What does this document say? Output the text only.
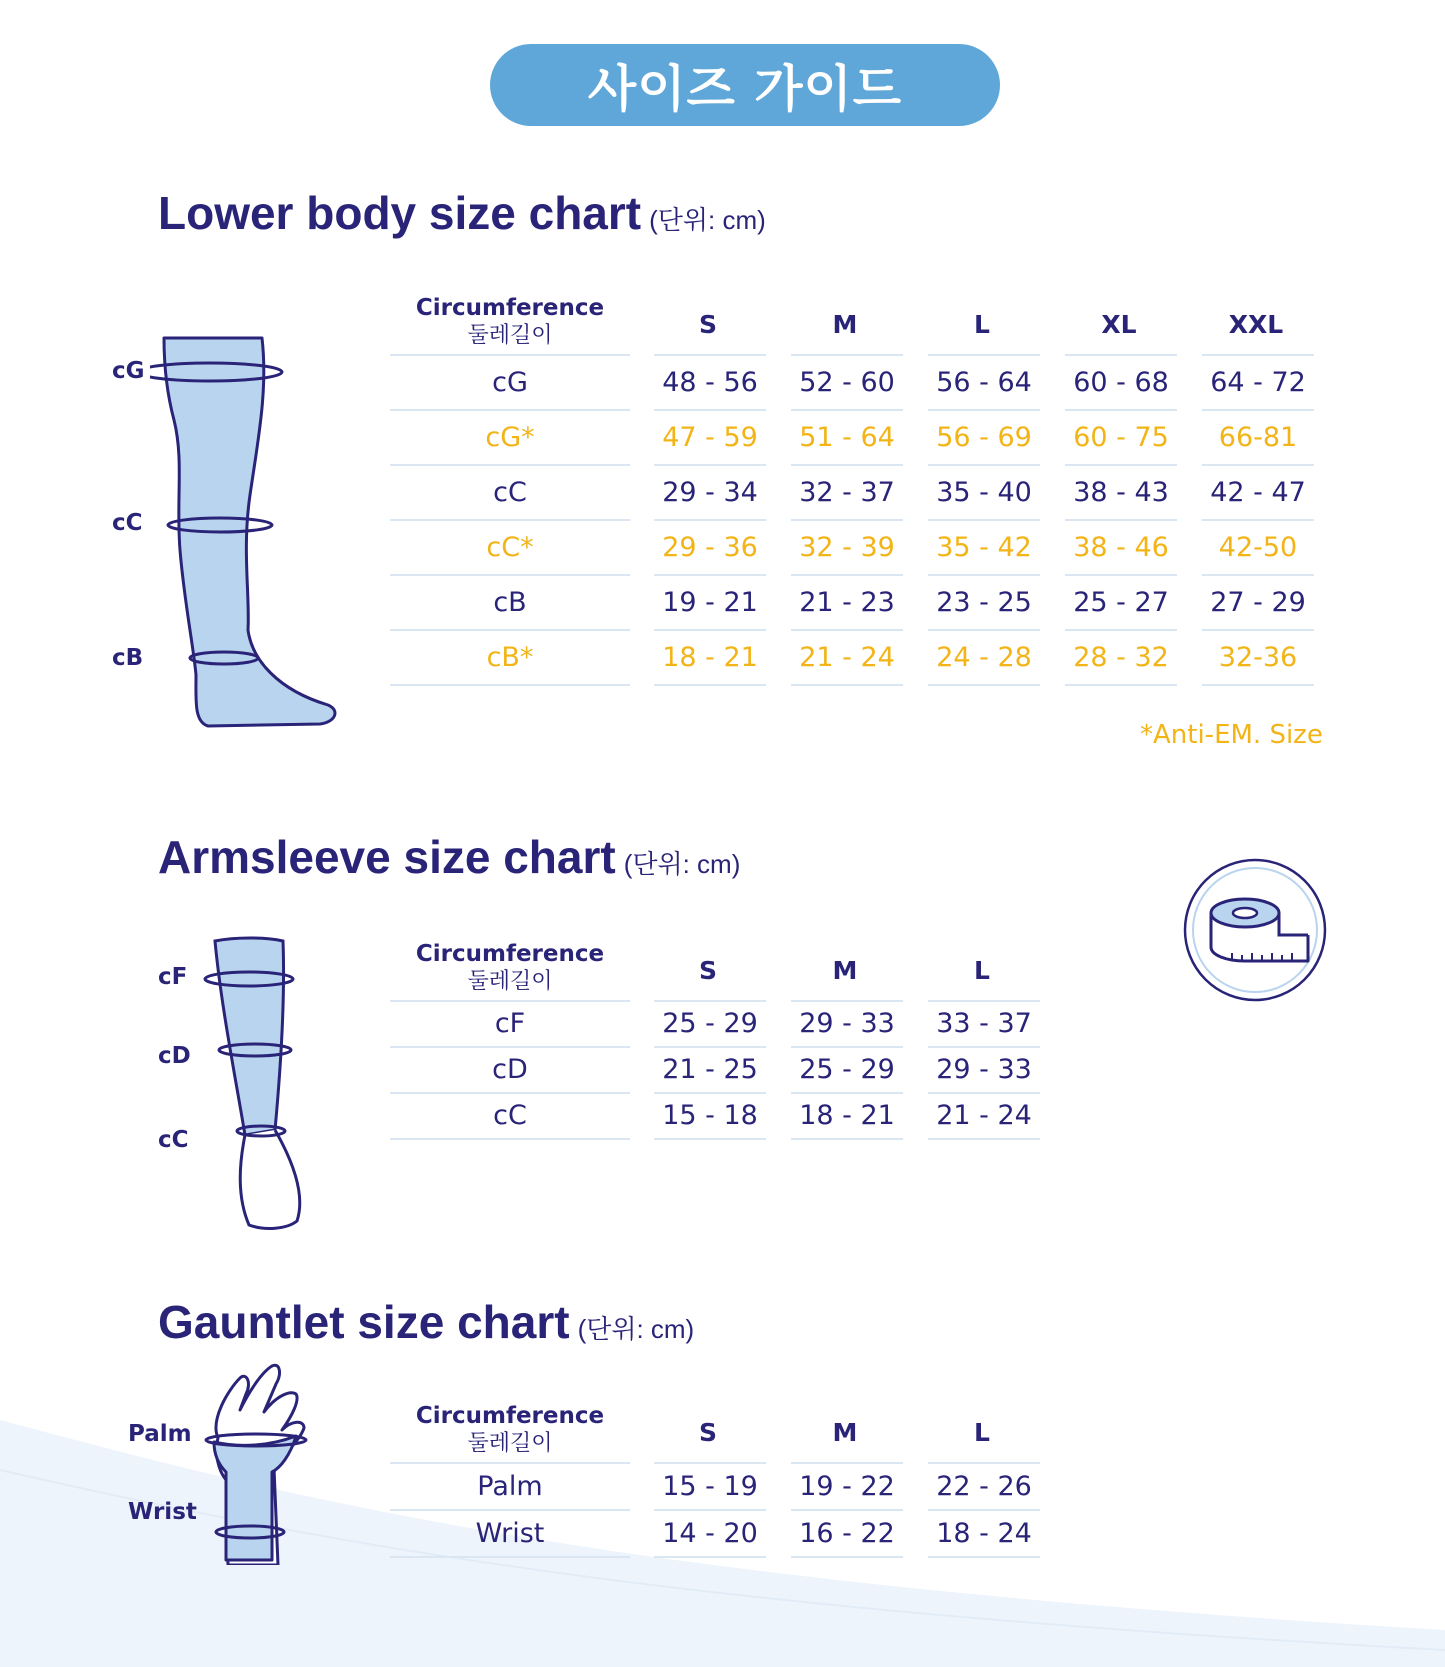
사이즈 가이드
Lower body size chart (단위: cm)
cG
cC
cB
Circumference
둘레길이	S	M	L	XL	XXL
cG	48 - 56	52 - 60	56 - 64	60 - 68	64 - 72
cG*	47 - 59	51 - 64	56 - 69	60 - 75	66-81
cC	29 - 34	32 - 37	35 - 40	38 - 43	42 - 47
cC*	29 - 36	32 - 39	35 - 42	38 - 46	42-50
cB	19 - 21	21 - 23	23 - 25	25 - 27	27 - 29
cB*	18 - 21	21 - 24	24 - 28	28 - 32	32-36
*Anti-EM. Size
Armsleeve size chart (단위: cm)
cF
cD
cC
Circumference
둘레길이	S	M	L
cF	25 - 29	29 - 33	33 - 37
cD	21 - 25	25 - 29	29 - 33
cC	15 - 18	18 - 21	21 - 24
Gauntlet size chart (단위: cm)
Palm
Wrist
Circumference
둘레길이	S	M	L
Palm	15 - 19	19 - 22	22 - 26
Wrist	14 - 20	16 - 22	18 - 24
